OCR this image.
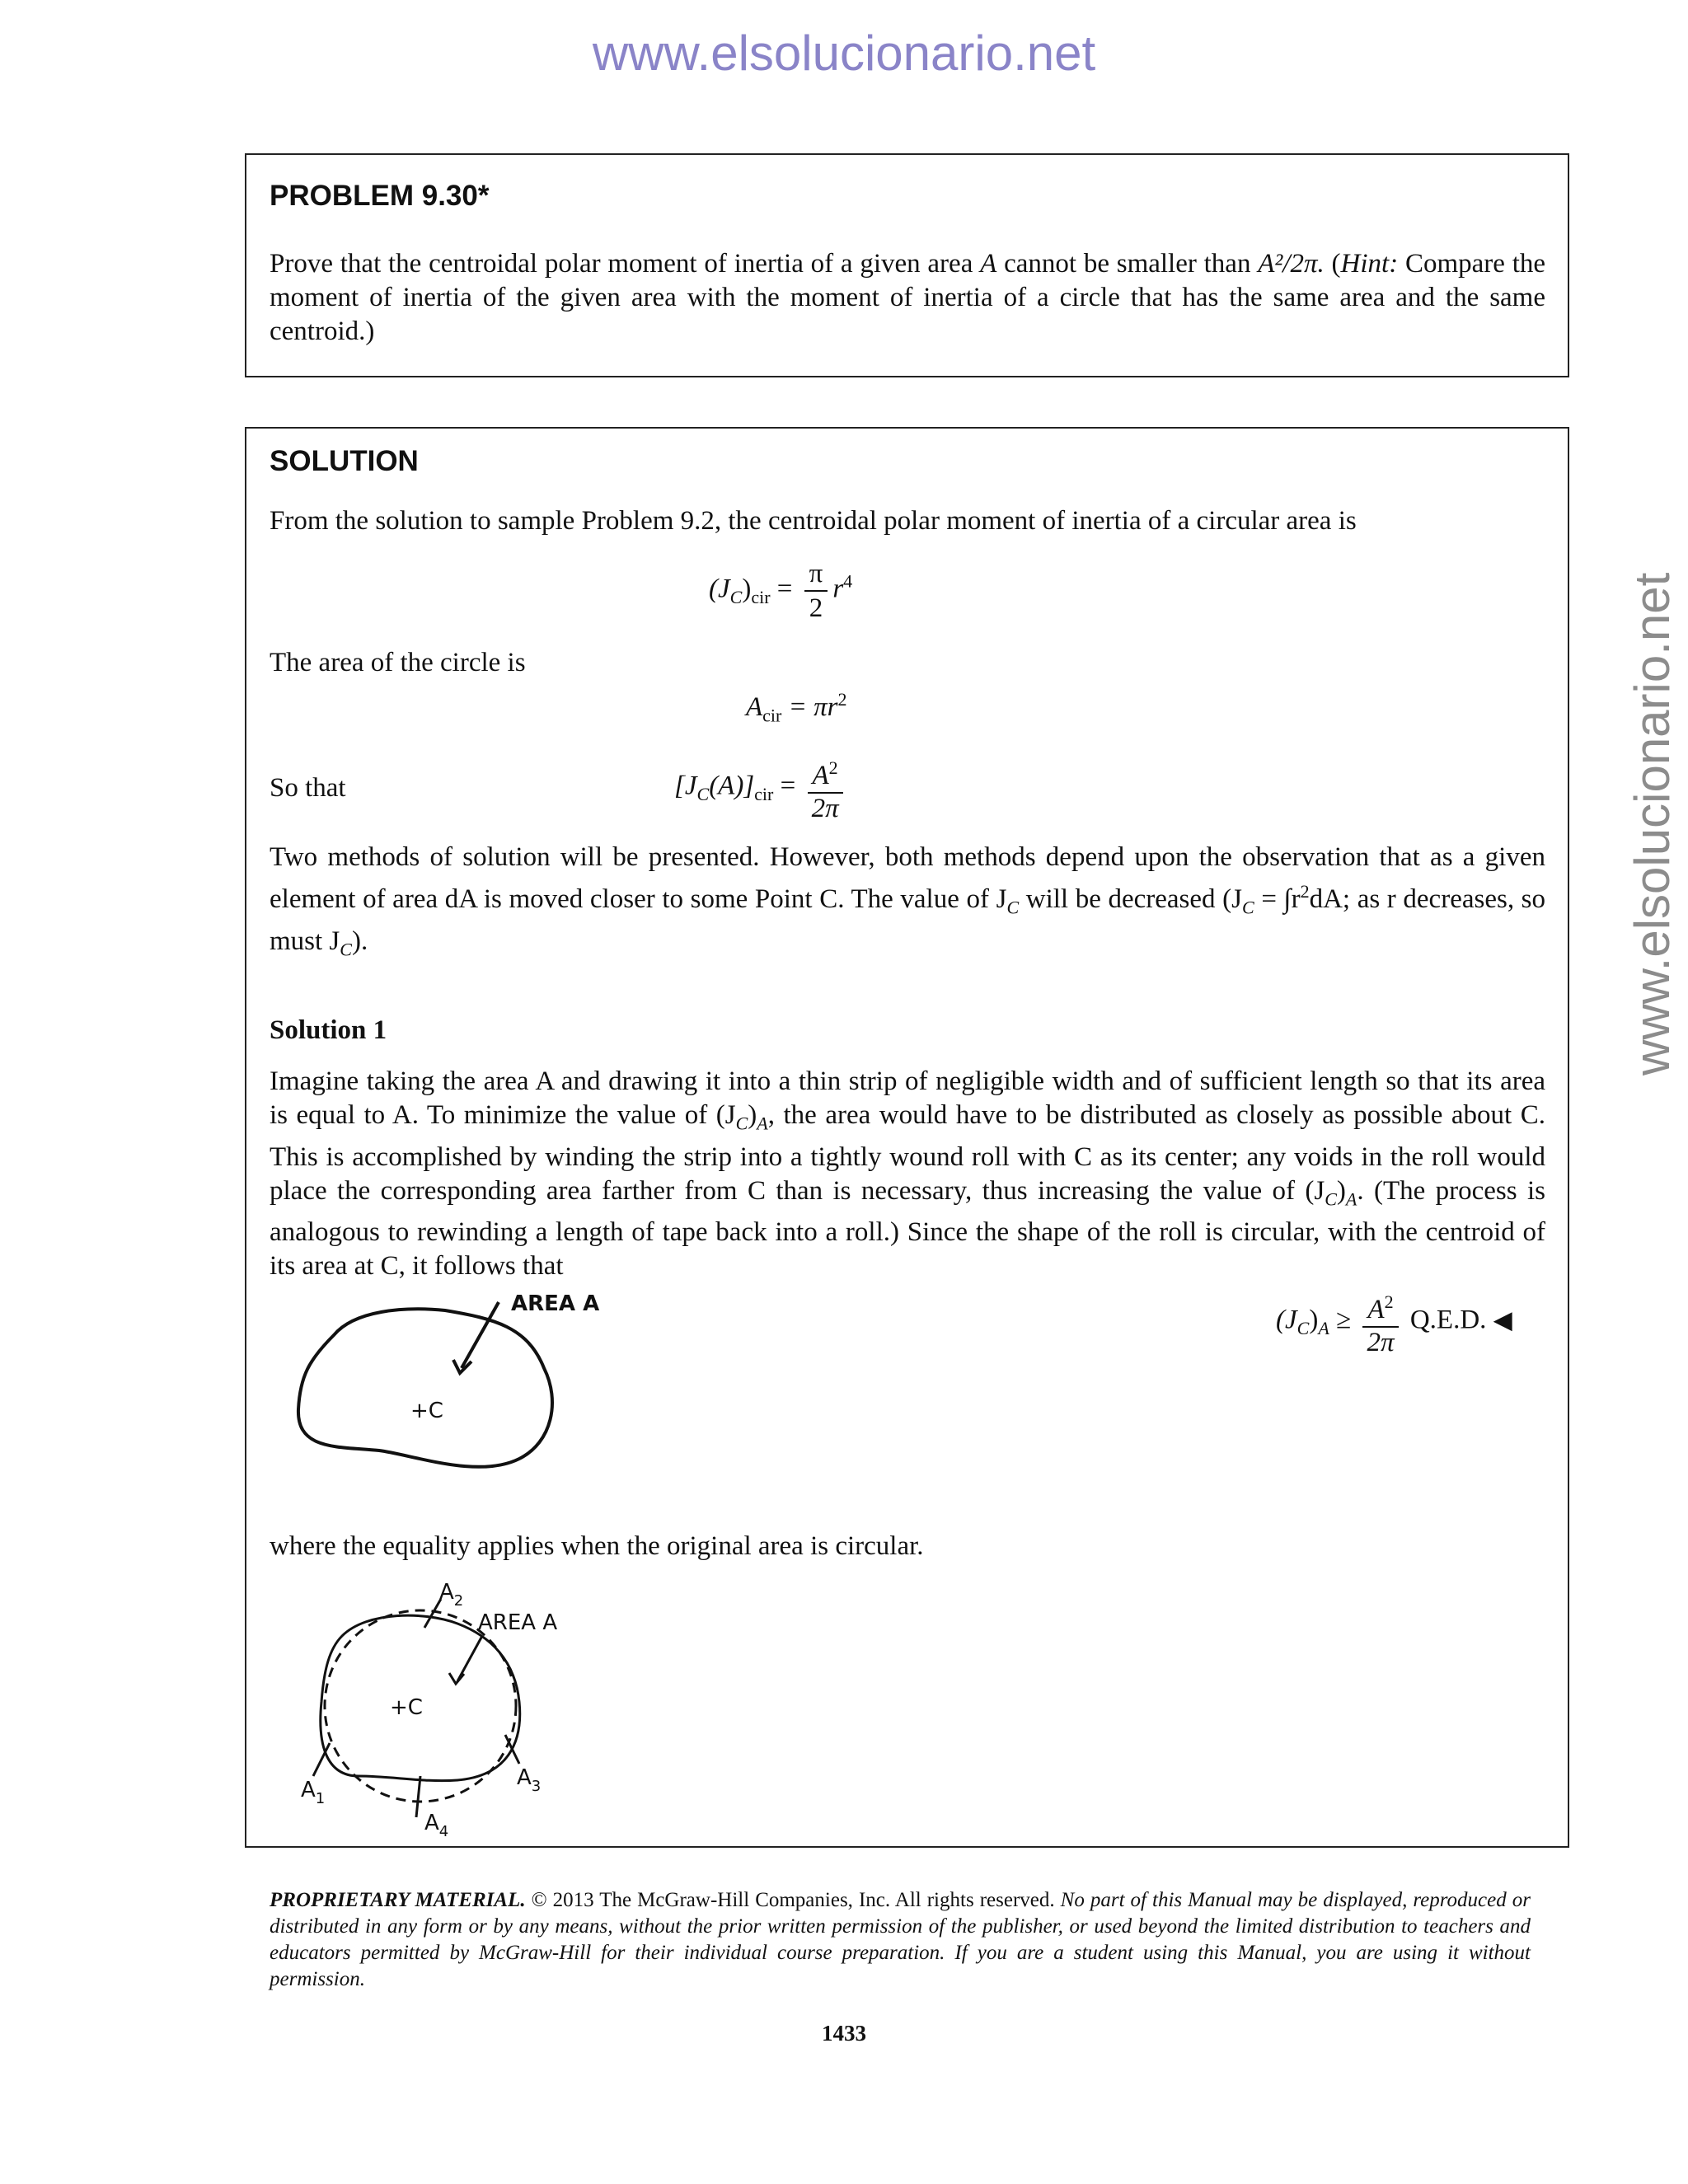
www.elsolucionario.net
www.elsolucionario.net
PROBLEM 9.30*
Prove that the centroidal polar moment of inertia of a given area A cannot be smaller than A²/2π. (Hint: Compare the moment of inertia of the given area with the moment of inertia of a circle that has the same area and the same centroid.)
SOLUTION
From the solution to sample Problem 9.2, the centroidal polar moment of inertia of a circular area is
$(J_C)_{cir} = \frac{\pi}{2} r^4$
The area of the circle is
$A_{cir} = \pi r^2$
So that	$[J_C(A)]_{cir} = \frac{A^2}{2\pi}$
Two methods of solution will be presented. However, both methods depend upon the observation that as a given element of area dA is moved closer to some Point C. The value of $J_C$ will be decreased ($J_C = \int r^2dA$; as r decreases, so must $J_C$).
Solution 1
Imagine taking the area A and drawing it into a thin strip of negligible width and of sufficient length so that its area is equal to A. To minimize the value of $(J_C)_A$, the area would have to be distributed as closely as possible about C. This is accomplished by winding the strip into a tightly wound roll with C as its center; any voids in the roll would place the corresponding area farther from C than is necessary, thus increasing the value of $(J_C)_A$. (The process is analogous to rewinding a length of tape back into a roll.) Since the shape of the roll is circular, with the centroid of its area at C, it follows that
$(J_C)_A \ge \frac{A^2}{2\pi} Q.E.D$. ◀
AREA A
+C
where the equality applies when the original area is circular.
$A_2$
AREA A
+C
$A_1$
$A_3$
$A_4$
PROPRIETARY MATERIAL. © 2013 The McGraw-Hill Companies, Inc. All rights reserved. No part of this Manual may be displayed, reproduced or distributed in any form or by any means, without the prior written permission of the publisher, or used beyond the limited distribution to teachers and educators permitted by McGraw-Hill for their individual course preparation. If you are a student using this Manual, you are using it without permission.
1433
